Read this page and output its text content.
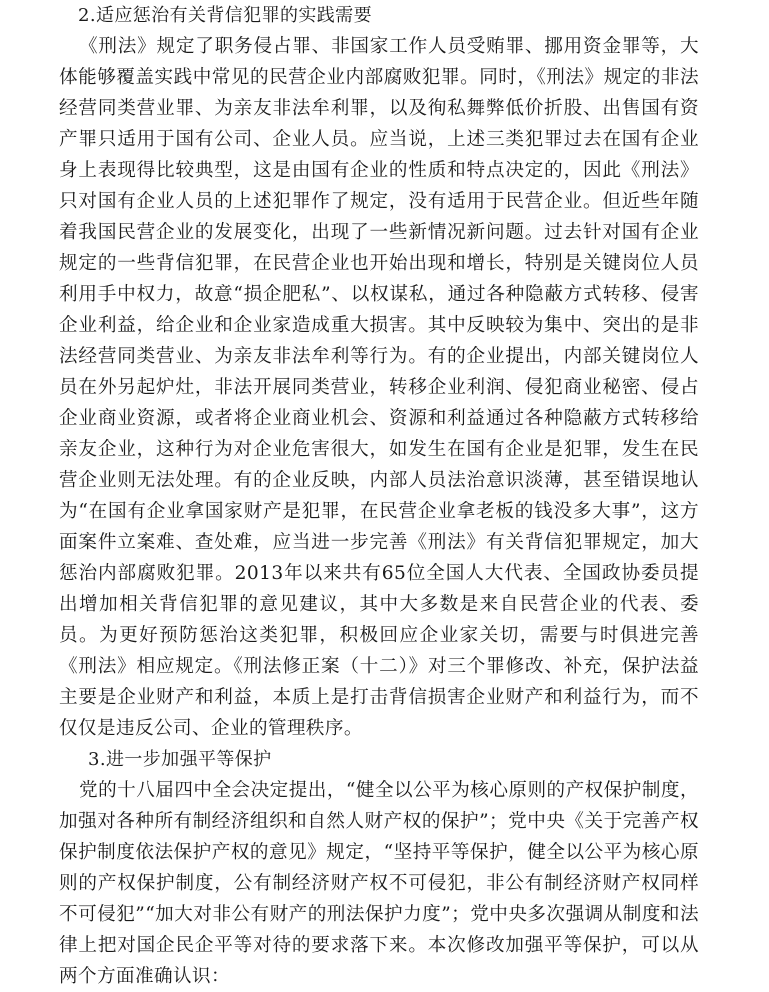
2.适应惩治有关背信犯罪的实践需要

《刑法》规定了职务侵占罪、非国家工作人员受贿罪、挪用资金罪等，大体能够覆盖实践中常见的民营企业内部腐败犯罪。同时，《刑法》规定的非法经营同类营业罪、为亲友非法牟利罪，以及徇私舞弊低价折股、出售国有资产罪只适用于国有公司、企业人员。应当说，上述三类犯罪过去在国有企业身上表现得比较典型，这是由国有企业的性质和特点决定的，因此《刑法》只对国有企业人员的上述犯罪作了规定，没有适用于民营企业。但近些年随着我国民营企业的发展变化，出现了一些新情况新问题。过去针对国有企业规定的一些背信犯罪，在民营企业也开始出现和增长，特别是关键岗位人员利用手中权力，故意“损企肥私”、以权谋私，通过各种隐蔽方式转移、侵害企业利益，给企业和企业家造成重大损害。其中反映较为集中、突出的是非法经营同类营业、为亲友非法牟利等行为。有的企业提出，内部关键岗位人员在外另起炉灶，非法开展同类营业，转移企业利润、侵犯商业秘密、侵占企业商业资源，或者将企业商业机会、资源和利益通过各种隐蔽方式转移给亲友企业，这种行为对企业危害很大，如发生在国有企业是犯罪，发生在民营企业则无法处理。有的企业反映，内部人员法治意识淡薄，甚至错误地认为“在国有企业拿国家财产是犯罪，在民营企业拿老板的钱没多大事”，这方面案件立案难、查处难，应当进一步完善《刑法》有关背信犯罪规定，加大惩治内部腐败犯罪。2013年以来共有65位全国人大代表、全国政协委员提出增加相关背信犯罪的意见建议，其中大多数是来自民营企业的代表、委员。为更好预防惩治这类犯罪，积极回应企业家关切，需要与时俱进完善《刑法》相应规定。《刑法修正案（十二）》对三个罪修改、补充，保护法益主要是企业财产和利益，本质上是打击背信损害企业财产和利益行为，而不仅仅是违反公司、企业的管理秩序。

3.进一步加强平等保护

党的十八届四中全会决定提出，“健全以公平为核心原则的产权保护制度，加强对各种所有制经济组织和自然人财产权的保护”；党中央《关于完善产权保护制度依法保护产权的意见》规定，“坚持平等保护，健全以公平为核心原则的产权保护制度，公有制经济财产权不可侵犯，非公有制经济财产权同样不可侵犯”“加大对非公有财产的刑法保护力度”；党中央多次强调从制度和法律上把对国企民企平等对待的要求落下来。本次修改加强平等保护，可以从两个方面准确认识：
